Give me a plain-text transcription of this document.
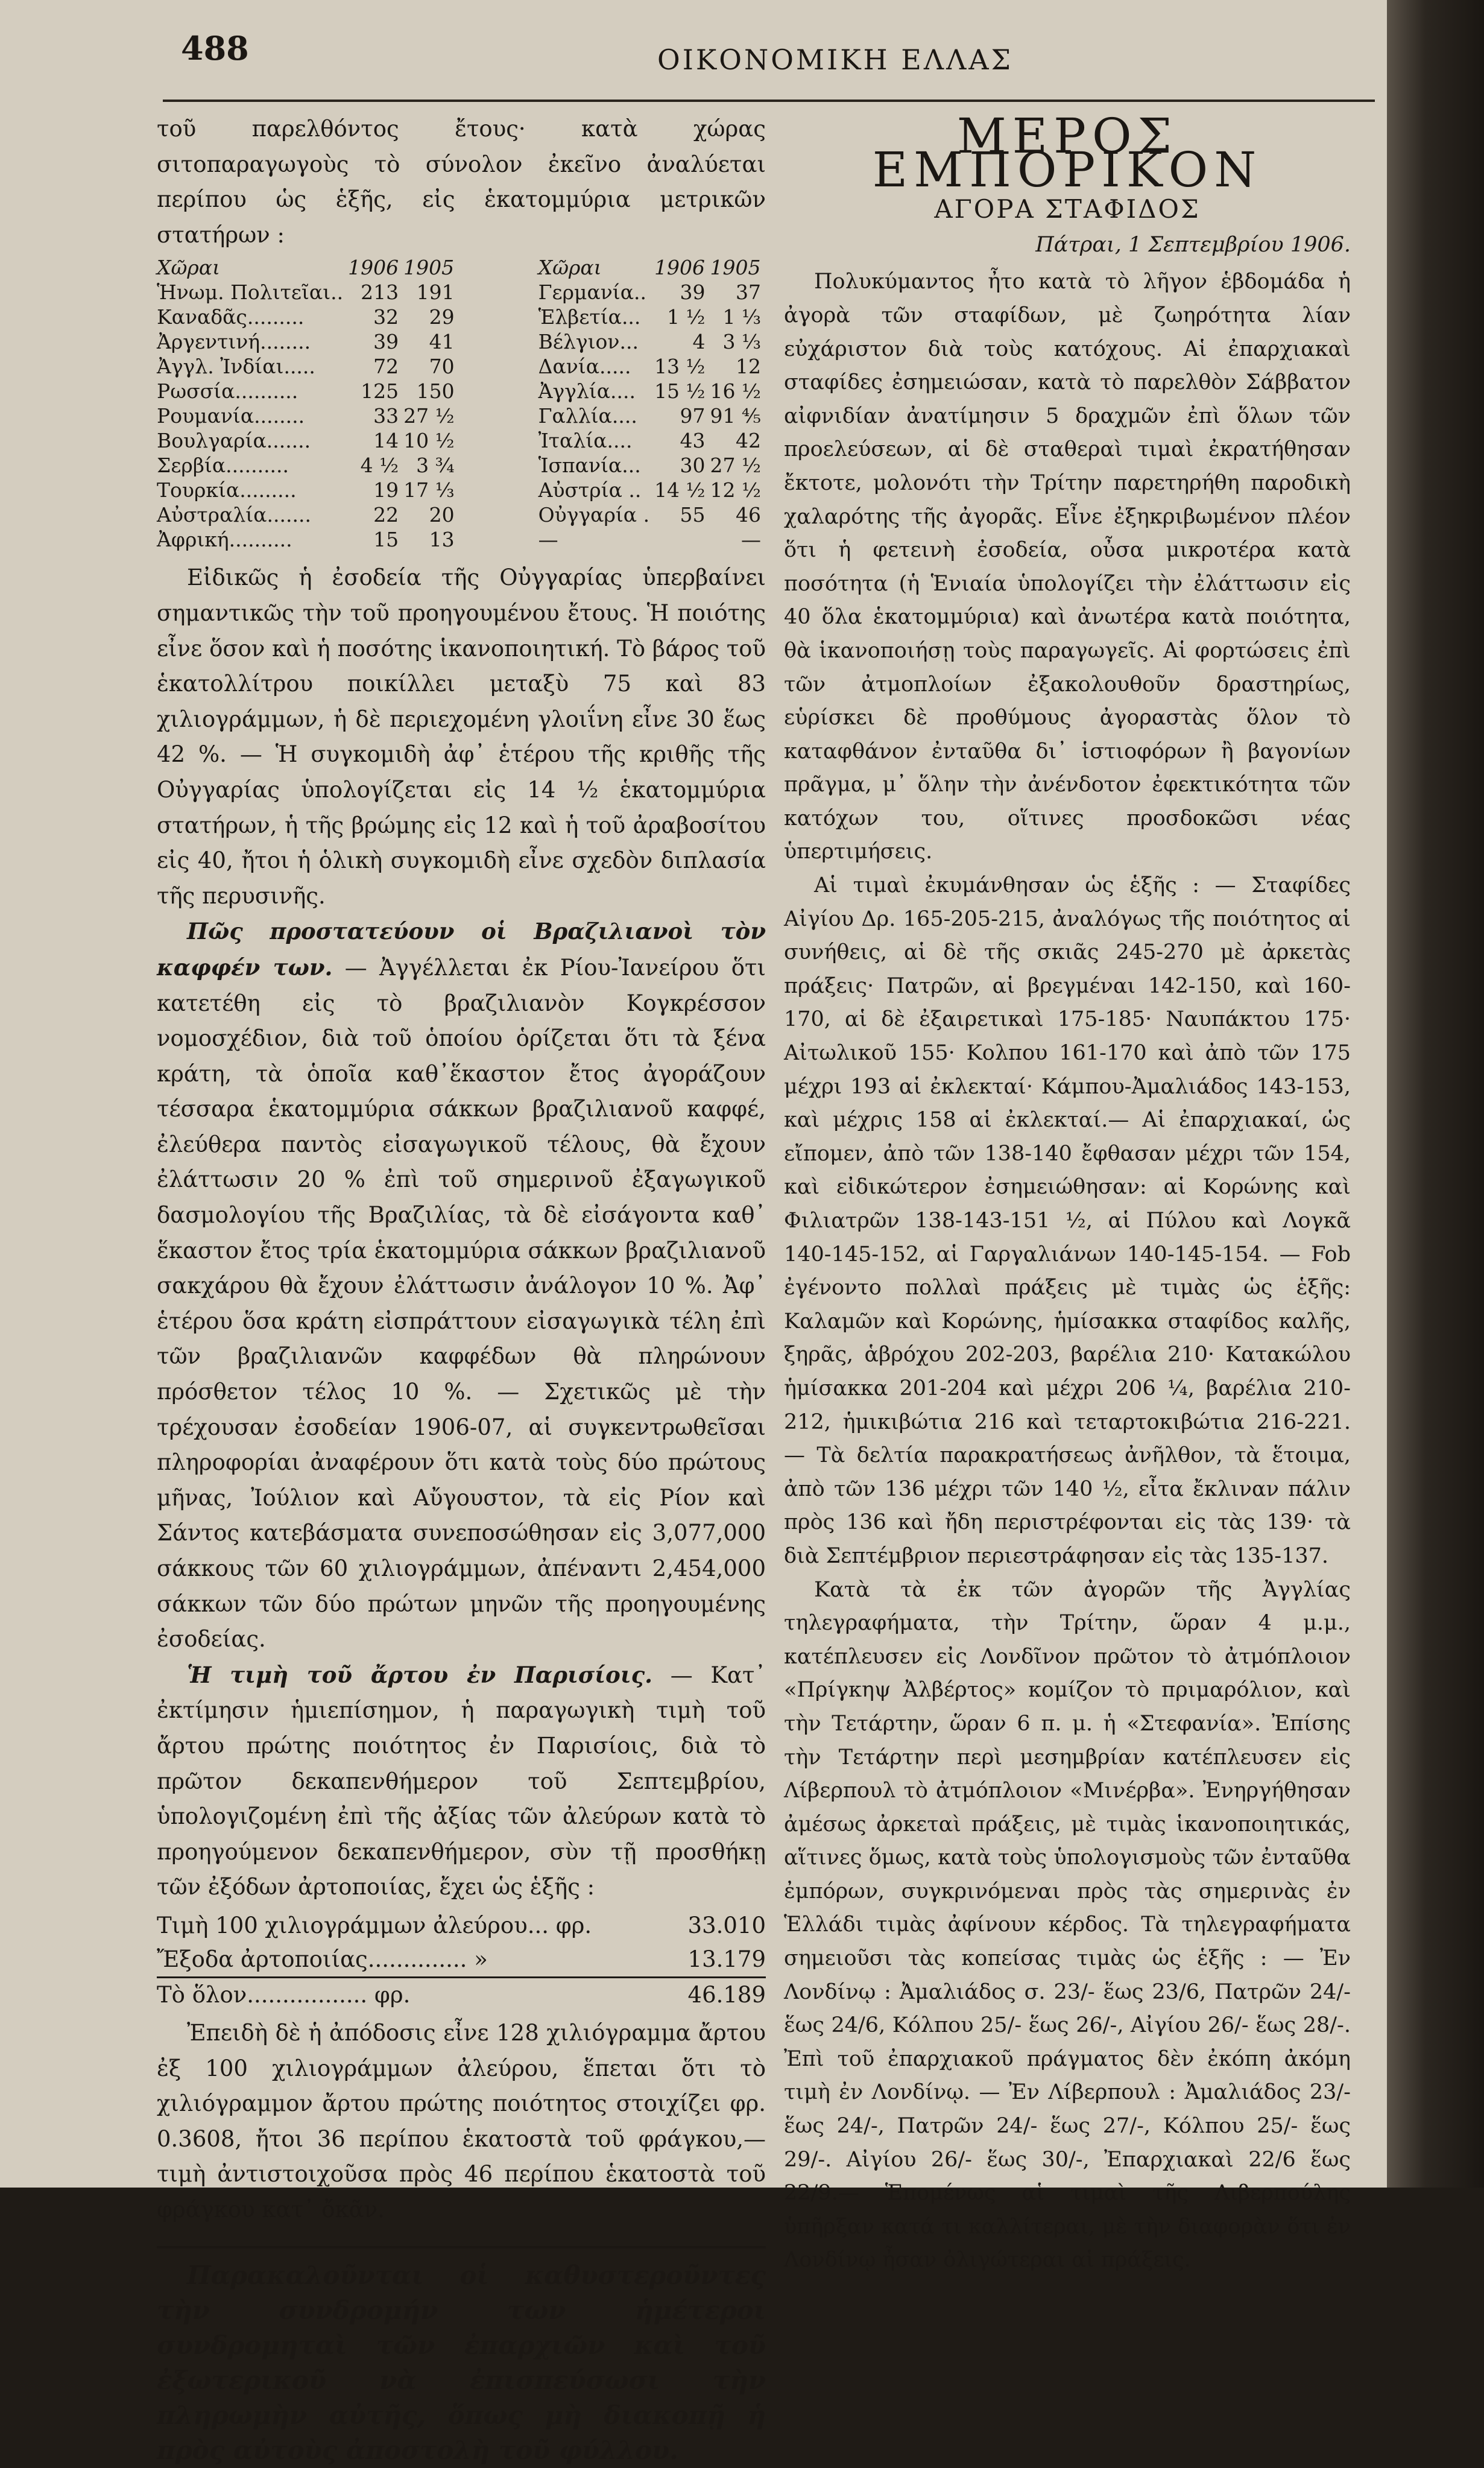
488	ΟΙΚΟΝΟΜΙΚΗ ΕΛΛΑΣ

τοῦ παρελθόντος ἔτους· κατὰ χώρας σιτοπαραγωγοὺς τὸ σύνολον ἐκεῖνο ἀναλύεται περίπου ὡς ἑξῆς, εἰς ἑκατομμύρια μετρικῶν στατήρων :

Χῶραι	1906	1905
Ἡνωμ. Πολιτεῖαι..	213	191
Καναδᾶς.........	32	29
Ἀργεντινή........	39	41
Ἀγγλ. Ἰνδίαι.....	72	70
Ρωσσία..........	125	150
Ρουμανία........	33	27 ½
Βουλγαρία.......	14	10 ½
Σερβία..........	4 ½	3 ¾
Τουρκία.........	19	17 ⅓
Αὐστραλία.......	22	20
Ἀφρική..........	15	13
Χῶραι	1906	1905
Γερμανία..	39	37
Ἑλβετία...	1 ½	1 ⅓
Βέλγιον...	4	3 ⅓
Δανία.....	13 ½	12
Ἀγγλία....	15 ½	16 ½
Γαλλία....	97	91 ⅘
Ἰταλία....	43	42
Ἱσπανία...	30	27 ½
Αὐστρία ..	14 ½	12 ½
Οὐγγαρία .	55	46
—		—

Εἰδικῶς ἡ ἐσοδεία τῆς Οὐγγαρίας ὑπερβαίνει σημαντικῶς τὴν τοῦ προηγουμένου ἔτους. Ἡ ποιότης εἶνε ὅσον καὶ ἡ ποσότης ἱκανοποιητική. Τὸ βάρος τοῦ ἑκατολλίτρου ποικίλλει μεταξὺ 75 καὶ 83 χιλιογράμμων, ἡ δὲ περιεχομένη γλοιΐνη εἶνε 30 ἕως 42 %. — Ἡ συγκομιδὴ ἀφ᾽ ἑτέρου τῆς κριθῆς τῆς Οὐγγαρίας ὑπολογίζεται εἰς 14 ½ ἑκατομμύρια στατήρων, ἡ τῆς βρώμης εἰς 12 καὶ ἡ τοῦ ἀραβοσίτου εἰς 40, ἤτοι ἡ ὁλικὴ συγκομιδὴ εἶνε σχεδὸν διπλασία τῆς περυσινῆς.

Πῶς προστατεύουν οἱ Βραζιλιανοὶ τὸν καφφέν των. — Ἀγγέλλεται ἐκ Ρίου-Ἰανείρου ὅτι κατετέθη εἰς τὸ βραζιλιανὸν Κογκρέσσον νομοσχέδιον, διὰ τοῦ ὁποίου ὁρίζεται ὅτι τὰ ξένα κράτη, τὰ ὁποῖα καθ᾽ἕκαστον ἔτος ἀγοράζουν τέσσαρα ἑκατομμύρια σάκκων βραζιλιανοῦ καφφέ, ἐλεύθερα παντὸς εἰσαγωγικοῦ τέλους, θὰ ἔχουν ἐλάττωσιν 20 % ἐπὶ τοῦ σημερινοῦ ἐξαγωγικοῦ δασμολογίου τῆς Βραζιλίας, τὰ δὲ εἰσάγοντα καθ᾽ ἕκαστον ἔτος τρία ἑκατομμύρια σάκκων βραζιλιανοῦ σακχάρου θὰ ἔχουν ἐλάττωσιν ἀνάλογον 10 %. Ἀφ᾽ ἑτέρου ὅσα κράτη εἰσπράττουν εἰσαγωγικὰ τέλη ἐπὶ τῶν βραζιλιανῶν καφφέδων θὰ πληρώνουν πρόσθετον τέλος 10 %. — Σχετικῶς μὲ τὴν τρέχουσαν ἐσοδείαν 1906-07, αἱ συγκεντρωθεῖσαι πληροφορίαι ἀναφέρουν ὅτι κατὰ τοὺς δύο πρώτους μῆνας, Ἰούλιον καὶ Αὔγουστον, τὰ εἰς Ρίον καὶ Σάντος κατεβάσματα συνεποσώθησαν εἰς 3,077,000 σάκκους τῶν 60 χιλιογράμμων, ἀπέναντι 2,454,000 σάκκων τῶν δύο πρώτων μηνῶν τῆς προηγουμένης ἐσοδείας.

Ἡ τιμὴ τοῦ ἄρτου ἐν Παρισίοις. — Κατ᾽ ἐκτίμησιν ἡμιεπίσημον, ἡ παραγωγικὴ τιμὴ τοῦ ἄρτου πρώτης ποιότητος ἐν Παρισίοις, διὰ τὸ πρῶτον δεκαπενθήμερον τοῦ Σεπτεμβρίου, ὑπολογιζομένη ἐπὶ τῆς ἀξίας τῶν ἀλεύρων κατὰ τὸ προηγούμενον δεκαπενθήμερον, σὺν τῇ προσθήκῃ τῶν ἐξόδων ἀρτοποιίας, ἔχει ὡς ἑξῆς :

Τιμὴ 100 χιλιογράμμων ἀλεύρου... φρ.	33.010
Ἔξοδα ἀρτοποιίας.............. »	13.179
Τὸ ὅλον................. φρ.	46.189

Ἐπειδὴ δὲ ἡ ἀπόδοσις εἶνε 128 χιλιόγραμμα ἄρτου ἐξ 100 χιλιογράμμων ἀλεύρου, ἕπεται ὅτι τὸ χιλιόγραμμον ἄρτου πρώτης ποιότητος στοιχίζει φρ. 0.3608, ἤτοι 36 περίπου ἑκατοστὰ τοῦ φράγκου,— τιμὴ ἀντιστοιχοῦσα πρὸς 46 περίπου ἑκατοστὰ τοῦ φράγκου κατ᾽ ὄκᾶν.

Παρακαλοῦνται οἱ καθυστεροῦντες τὴν συνδρομήν των ἡμέτεροι συνδρομηταὶ τῶν ἐπαρχιῶν καὶ τοῦ ἐξωτερικοῦ νὰ ἐπισπεύσωσι τὴν πληρωμὴν αὐτῆς, ὅπως μὴ διακοπῇ ἡ πρὸς αὐτοὺς ἀποστολὴ τοῦ φύλλου.

ΜΕΡΟΣ ΕΜΠΟΡΙΚΟΝ
ΑΓΟΡΑ ΣΤΑΦΙΔΟΣ
Πάτραι, 1 Σεπτεμβρίου 1906.

Πολυκύμαντος ἦτο κατὰ τὸ λῆγον ἑβδομάδα ἡ ἀγορὰ τῶν σταφίδων, μὲ ζωηρότητα λίαν εὐχάριστον διὰ τοὺς κατόχους. Αἱ ἐπαρχιακαὶ σταφίδες ἐσημειώσαν, κατὰ τὸ παρελθὸν Σάββατον αἰφνιδίαν ἀνατίμησιν 5 δραχμῶν ἐπὶ ὅλων τῶν προελεύσεων, αἱ δὲ σταθεραὶ τιμαὶ ἐκρατήθησαν ἔκτοτε, μολονότι τὴν Τρίτην παρετηρήθη παροδικὴ χαλαρότης τῆς ἀγορᾶς. Εἶνε ἐξηκριβωμένον πλέον ὅτι ἡ φετεινὴ ἐσοδεία, οὖσα μικροτέρα κατὰ ποσότητα (ἡ Ἑνιαία ὑπολογίζει τὴν ἐλάττωσιν εἰς 40 ὅλα ἑκατομμύρια) καὶ ἀνωτέρα κατὰ ποιότητα, θὰ ἱκανοποιήσῃ τοὺς παραγωγεῖς. Αἱ φορτώσεις ἐπὶ τῶν ἀτμοπλοίων ἐξακολουθοῦν δραστηρίως, εὑρίσκει δὲ προθύμους ἀγοραστὰς ὅλον τὸ καταφθάνον ἐνταῦθα δι᾽ ἱστιοφόρων ἢ βαγονίων πρᾶγμα, μ᾽ ὅλην τὴν ἀνένδοτον ἐφεκτικότητα τῶν κατόχων του, οἵτινες προσδοκῶσι νέας ὑπερτιμήσεις.

Αἱ τιμαὶ ἐκυμάνθησαν ὡς ἑξῆς : — Σταφίδες Αἰγίου Δρ. 165-205-215, ἀναλόγως τῆς ποιότητος αἱ συνήθεις, αἱ δὲ τῆς σκιᾶς 245-270 μὲ ἀρκετὰς πράξεις· Πατρῶν, αἱ βρεγμέναι 142-150, καὶ 160-170, αἱ δὲ ἐξαιρετικαὶ 175-185· Ναυπάκτου 175· Αἰτωλικοῦ 155· Κολπου 161-170 καὶ ἀπὸ τῶν 175 μέχρι 193 αἱ ἐκλεκταί· Κάμπου-Ἀμαλιάδος 143-153, καὶ μέχρις 158 αἱ ἐκλεκταί.— Αἱ ἐπαρχιακαί, ὡς εἴπομεν, ἀπὸ τῶν 138-140 ἔφθασαν μέχρι τῶν 154, καὶ εἰδικώτερον ἐσημειώθησαν: αἱ Κορώνης καὶ Φιλιατρῶν 138-143-151 ½, αἱ Πύλου καὶ Λογκᾶ 140-145-152, αἱ Γαργαλιάνων 140-145-154. — Fob ἐγένοντο πολλαὶ πράξεις μὲ τιμὰς ὡς ἑξῆς: Καλαμῶν καὶ Κορώνης, ἡμίσακκα σταφίδος καλῆς, ξηρᾶς, ἁβρόχου 202-203, βαρέλια 210· Κατακώλου ἡμίσακκα 201-204 καὶ μέχρι 206 ¼, βαρέλια 210-212, ἡμικιβώτια 216 καὶ τεταρτοκιβώτια 216-221. — Τὰ δελτία παρακρατήσεως ἀνῆλθον, τὰ ἕτοιμα, ἀπὸ τῶν 136 μέχρι τῶν 140 ½, εἶτα ἔκλιναν πάλιν πρὸς 136 καὶ ἤδη περιστρέφονται εἰς τὰς 139· τὰ διὰ Σεπτέμβριον περιεστράφησαν εἰς τὰς 135-137.

Κατὰ τὰ ἐκ τῶν ἀγορῶν τῆς Ἀγγλίας τηλεγραφήματα, τὴν Τρίτην, ὥραν 4 μ.μ., κατέπλευσεν εἰς Λονδῖνον πρῶτον τὸ ἀτμόπλοιον «Πρίγκηψ Ἀλβέρτος» κομίζον τὸ πριμαρόλιον, καὶ τὴν Τετάρτην, ὥραν 6 π. μ. ἡ «Στεφανία». Ἐπίσης τὴν Τετάρτην περὶ μεσημβρίαν κατέπλευσεν εἰς Λίβερπουλ τὸ ἀτμόπλοιον «Μινέρβα». Ἐνηργήθησαν ἀμέσως ἀρκεταὶ πράξεις, μὲ τιμὰς ἱκανοποιητικάς, αἵτινες ὅμως, κατὰ τοὺς ὑπολογισμοὺς τῶν ἐνταῦθα ἐμπόρων, συγκρινόμεναι πρὸς τὰς σημερινὰς ἐν Ἑλλάδι τιμὰς ἀφίνουν κέρδος. Τὰ τηλεγραφήματα σημειοῦσι τὰς κοπείσας τιμὰς ὡς ἑξῆς : — Ἐν Λονδίνῳ : Ἀμαλιάδος σ. 23/- ἕως 23/6, Πατρῶν 24/- ἕως 24/6, Κόλπου 25/- ἕως 26/-, Αἰγίου 26/- ἕως 28/-. Ἐπὶ τοῦ ἐπαρχιακοῦ πράγματος δὲν ἐκόπη ἀκόμη τιμὴ ἐν Λονδίνῳ. — Ἐν Λίβερπουλ : Ἀμαλιάδος 23/- ἕως 24/-, Πατρῶν 24/- ἕως 27/-, Κόλπου 25/- ἕως 29/-. Αἰγίου 26/- ἕως 30/-, Ἐπαρχιακαὶ 22/6 ἕως 22/9.— Ἑπομένως αἱ τιμαὶ τῆς Λιβερπούλης ὑπῆρξαν κατά τι καλλίτεραι, μὲ τὴν διαφορὰν ὅτι ἐν Λονδίνῳ ἦσαν ὀλιγώτεραι αἱ πράξεις.
